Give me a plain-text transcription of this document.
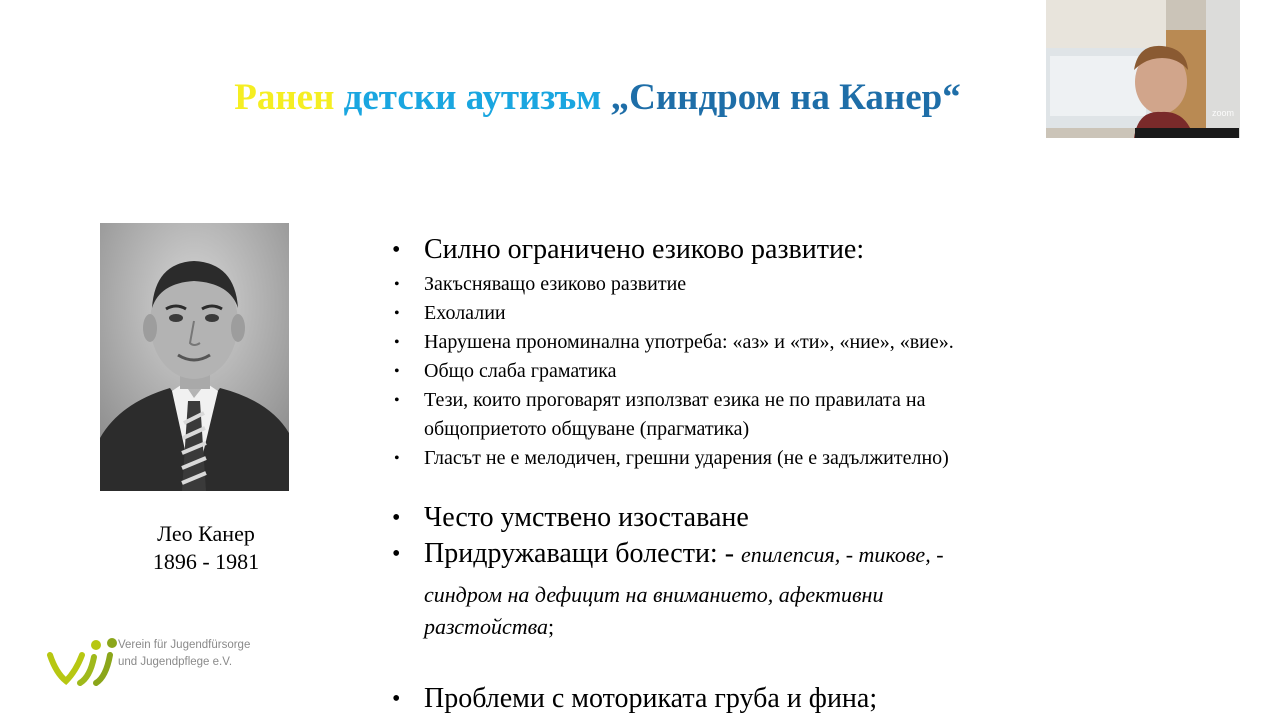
Ранен детски аутизъм „Синдром на Канер“
Лео Канер
1896 - 1981
• Силно ограничено езиково развитие:
• Закъсняващо езиково развитие
• Ехолалии
• Нарушена прономинална употреба: «аз» и «ти», «ние», «вие».
• Общо слаба граматика
• Тези, които проговарят използват езика не по правилата на
общоприетото общуване (прагматика)
• Гласът не е мелодичен, грешни ударения (не е задължително)
• Често умствено изоставане
• Придружаващи болести: - епилепсия, - тикове, -
синдром на дефицит на вниманието, афективни
разстойства;
• Проблеми с моториката груба и фина;
Verein für Jugendfürsorge
und Jugendpflege e.V.
zoom
